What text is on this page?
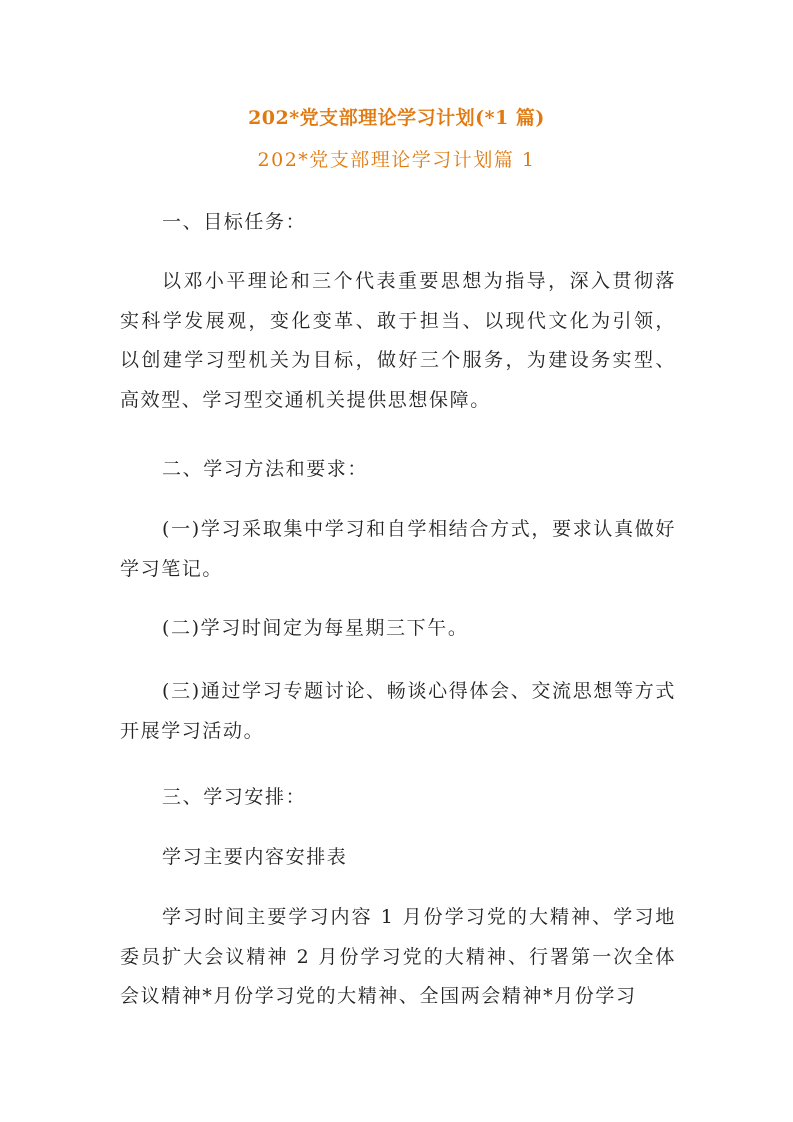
202*党支部理论学习计划(*1 篇)
202*党支部理论学习计划篇 1

一、目标任务：

以邓小平理论和三个代表重要思想为指导，深入贯彻落实科学发展观，变化变革、敢于担当、以现代文化为引领，以创建学习型机关为目标，做好三个服务，为建设务实型、高效型、学习型交通机关提供思想保障。

二、学习方法和要求：

(一)学习采取集中学习和自学相结合方式，要求认真做好学习笔记。

(二)学习时间定为每星期三下午。

(三)通过学习专题讨论、畅谈心得体会、交流思想等方式开展学习活动。

三、学习安排：

学习主要内容安排表

学习时间主要学习内容 1 月份学习党的大精神、学习地委员扩大会议精神 2 月份学习党的大精神、行署第一次全体会议精神*月份学习党的大精神、全国两会精神*月份学习
